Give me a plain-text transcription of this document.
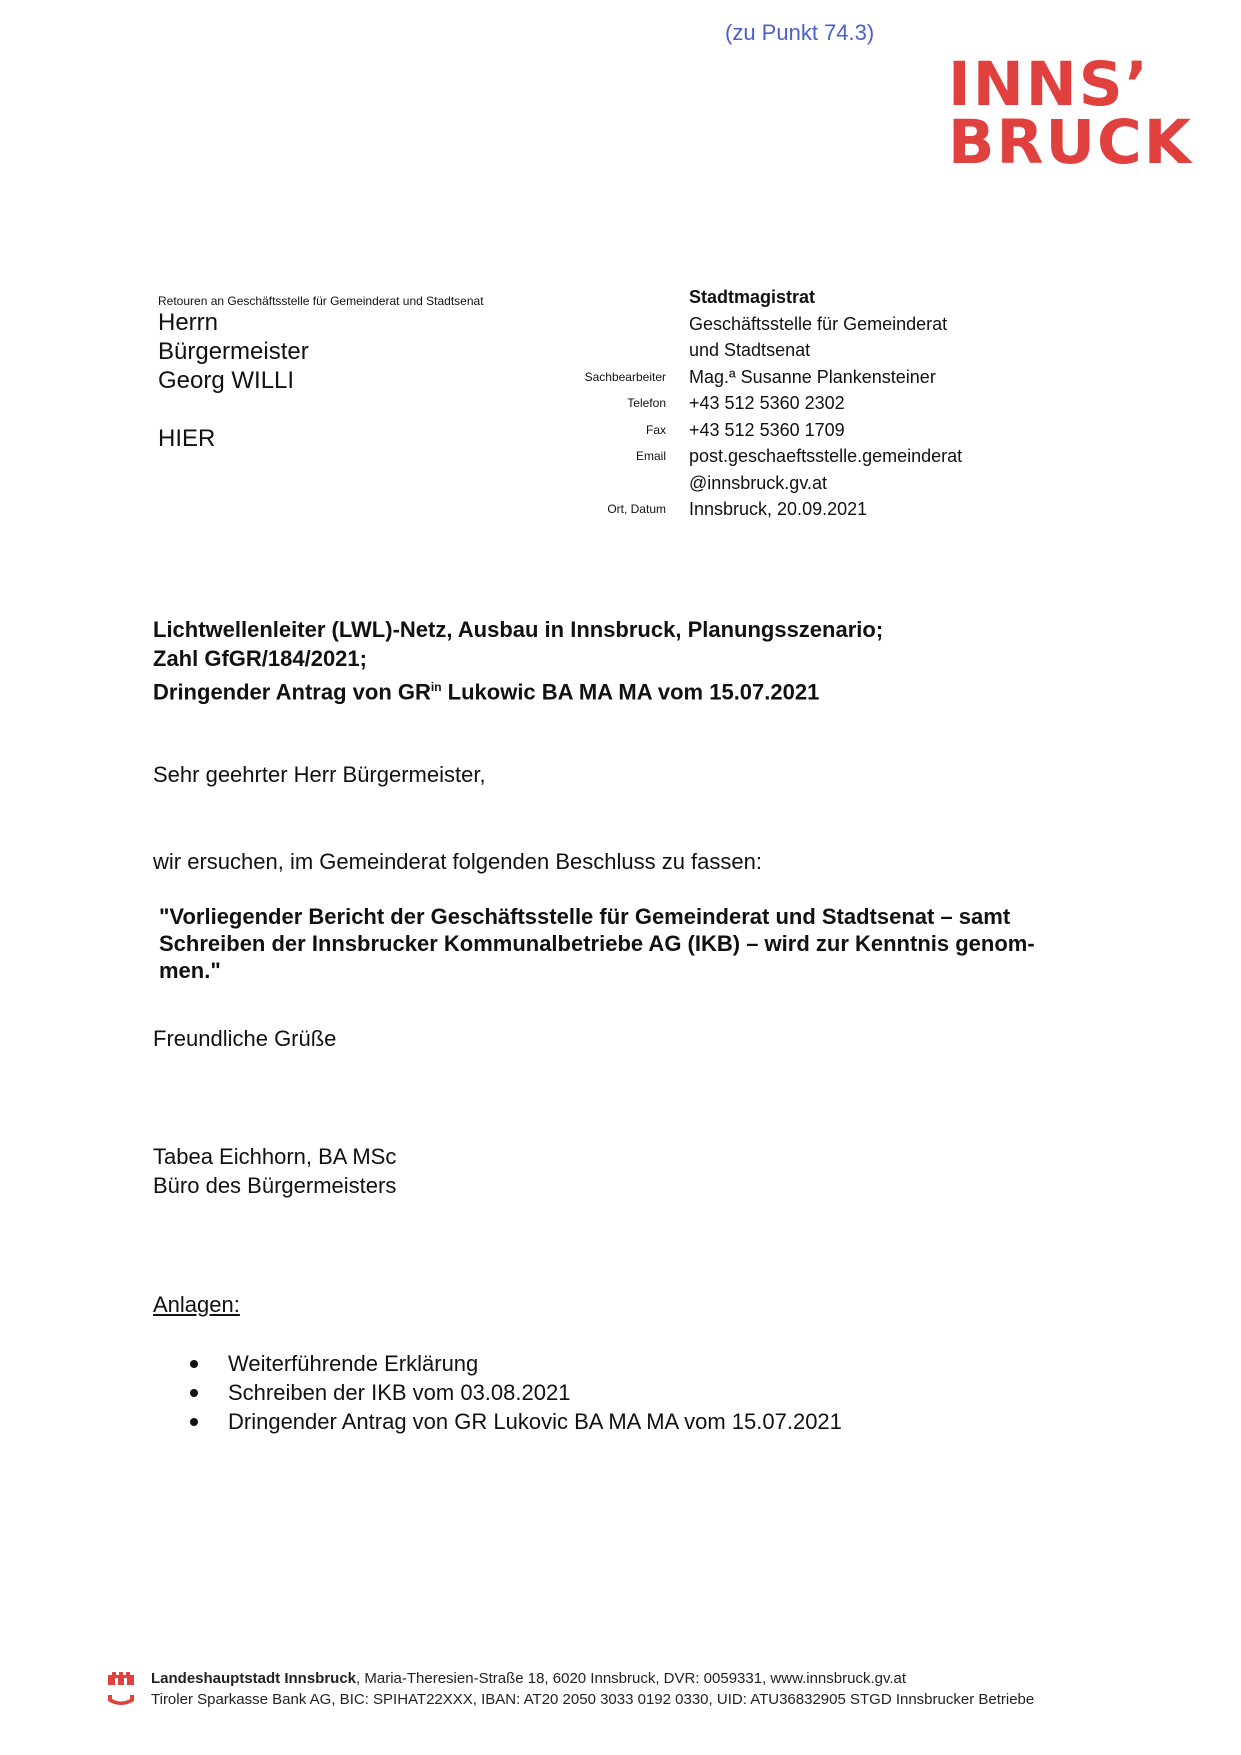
(zu Punkt 74.3)
INNS’
BRUCK
Retouren an Geschäftsstelle für Gemeinderat und Stadtsenat
Herrn
Bürgermeister
Georg WILLI
HIER
Stadtmagistrat
Geschäftsstelle für Gemeinderat
und Stadtsenat
Sachbearbeiter	Mag.ª Susanne Plankensteiner
Telefon	+43 512 5360 2302
Fax	+43 512 5360 1709
Email	post.geschaeftsstelle.gemeinderat
@innsbruck.gv.at
Ort, Datum	Innsbruck, 20.09.2021
Lichtwellenleiter (LWL)-Netz, Ausbau in Innsbruck, Planungsszenario;
Zahl GfGR/184/2021;
Dringender Antrag von $GR^{in}$ Lukowic BA MA MA vom 15.07.2021
Sehr geehrter Herr Bürgermeister,
wir ersuchen, im Gemeinderat folgenden Beschluss zu fassen:
"Vorliegender Bericht der Geschäftsstelle für Gemeinderat und Stadtsenat – samt
Schreiben der Innsbrucker Kommunalbetriebe AG (IKB) – wird zur Kenntnis genom-
men."
Freundliche Grüße
Tabea Eichhorn, BA MSc
Büro des Bürgermeisters
Anlagen:
Weiterführende Erklärung
Schreiben der IKB vom 03.08.2021
Dringender Antrag von GR Lukovic BA MA MA vom 15.07.2021
Landeshauptstadt Innsbruck, Maria-Theresien-Straße 18, 6020 Innsbruck, DVR: 0059331, www.innsbruck.gv.at
Tiroler Sparkasse Bank AG, BIC: SPIHAT22XXX, IBAN: AT20 2050 3033 0192 0330, UID: ATU36832905 STGD Innsbrucker Betriebe
